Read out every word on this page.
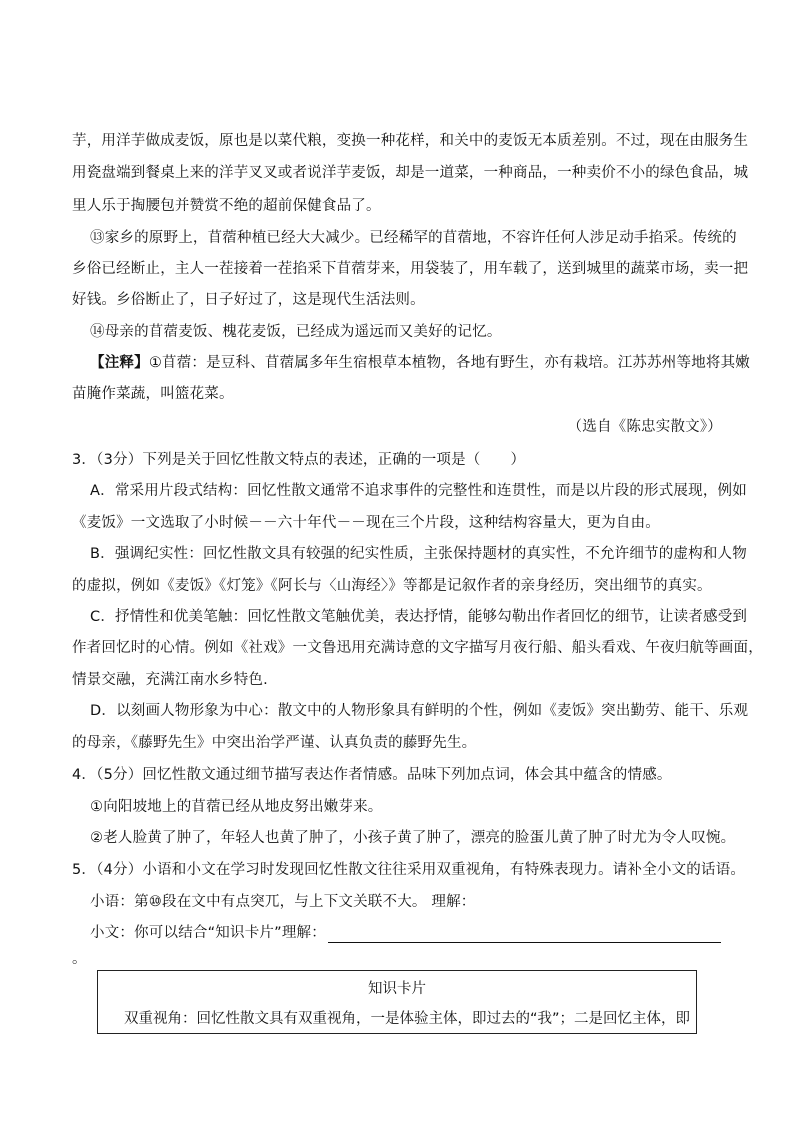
芋，用洋芋做成麦饭，原也是以菜代粮，变换一种花样，和关中的麦饭无本质差别。不过，现在由服务生
用瓷盘端到餐桌上来的洋芋叉叉或者说洋芋麦饭，却是一道菜，一种商品，一种卖价不小的绿色食品，城
里人乐于掏腰包并赞赏不绝的超前保健食品了。
⑬家乡的原野上，苜蓿种植已经大大减少。已经稀罕的苜蓿地，不容许任何人涉足动手掐采。传统的
乡俗已经断止，主人一茬接着一茬掐采下苜蓿芽来，用袋装了，用车载了，送到城里的蔬菜市场，卖一把
好钱。乡俗断止了，日子好过了，这是现代生活法则。
⑭母亲的苜蓿麦饭、槐花麦饭，已经成为遥远而又美好的记忆。
【注释】①苜蓿：是豆科、苜蓿属多年生宿根草本植物，各地有野生，亦有栽培。江苏苏州等地将其嫩
苗腌作菜蔬，叫篮花菜。
（选自《陈忠实散文》）
3．（3分）下列是关于回忆性散文特点的表述，正确的一项是（ ）
A．常采用片段式结构：回忆性散文通常不追求事件的完整性和连贯性，而是以片段的形式展现，例如
《麦饭》一文选取了小时候－－六十年代－－现在三个片段，这种结构容量大，更为自由。
B．强调纪实性：回忆性散文具有较强的纪实性质，主张保持题材的真实性，不允许细节的虚构和人物
的虚拟，例如《麦饭》《灯笼》《阿长与〈山海经〉》等都是记叙作者的亲身经历，突出细节的真实。
C．抒情性和优美笔触：回忆性散文笔触优美，表达抒情，能够勾勒出作者回忆的细节，让读者感受到
作者回忆时的心情。例如《社戏》一文鲁迅用充满诗意的文字描写月夜行船、船头看戏、午夜归航等画面，
情景交融，充满江南水乡特色.
D．以刻画人物形象为中心：散文中的人物形象具有鲜明的个性，例如《麦饭》突出勤劳、能干、乐观
的母亲，《藤野先生》中突出治学严谨、认真负责的藤野先生。
4．（5分）回忆性散文通过细节描写表达作者情感。品味下列加点词，体会其中蕴含的情感。
①向阳坡地上的苜蓿已经从地皮努出嫩芽来。
②老人脸黄了肿了，年轻人也黄了肿了，小孩子黄了肿了，漂亮的脸蛋儿黄了肿了时尤为令人叹惋。
5．（4分）小语和小文在学习时发现回忆性散文往往采用双重视角，有特殊表现力。请补全小文的话语。
小语：第⑩段在文中有点突兀，与上下文关联不大。 理解：
小文：你可以结合“知识卡片”理解：
。
知识卡片
双重视角：回忆性散文具有双重视角，一是体验主体，即过去的“我”；二是回忆主体，即
